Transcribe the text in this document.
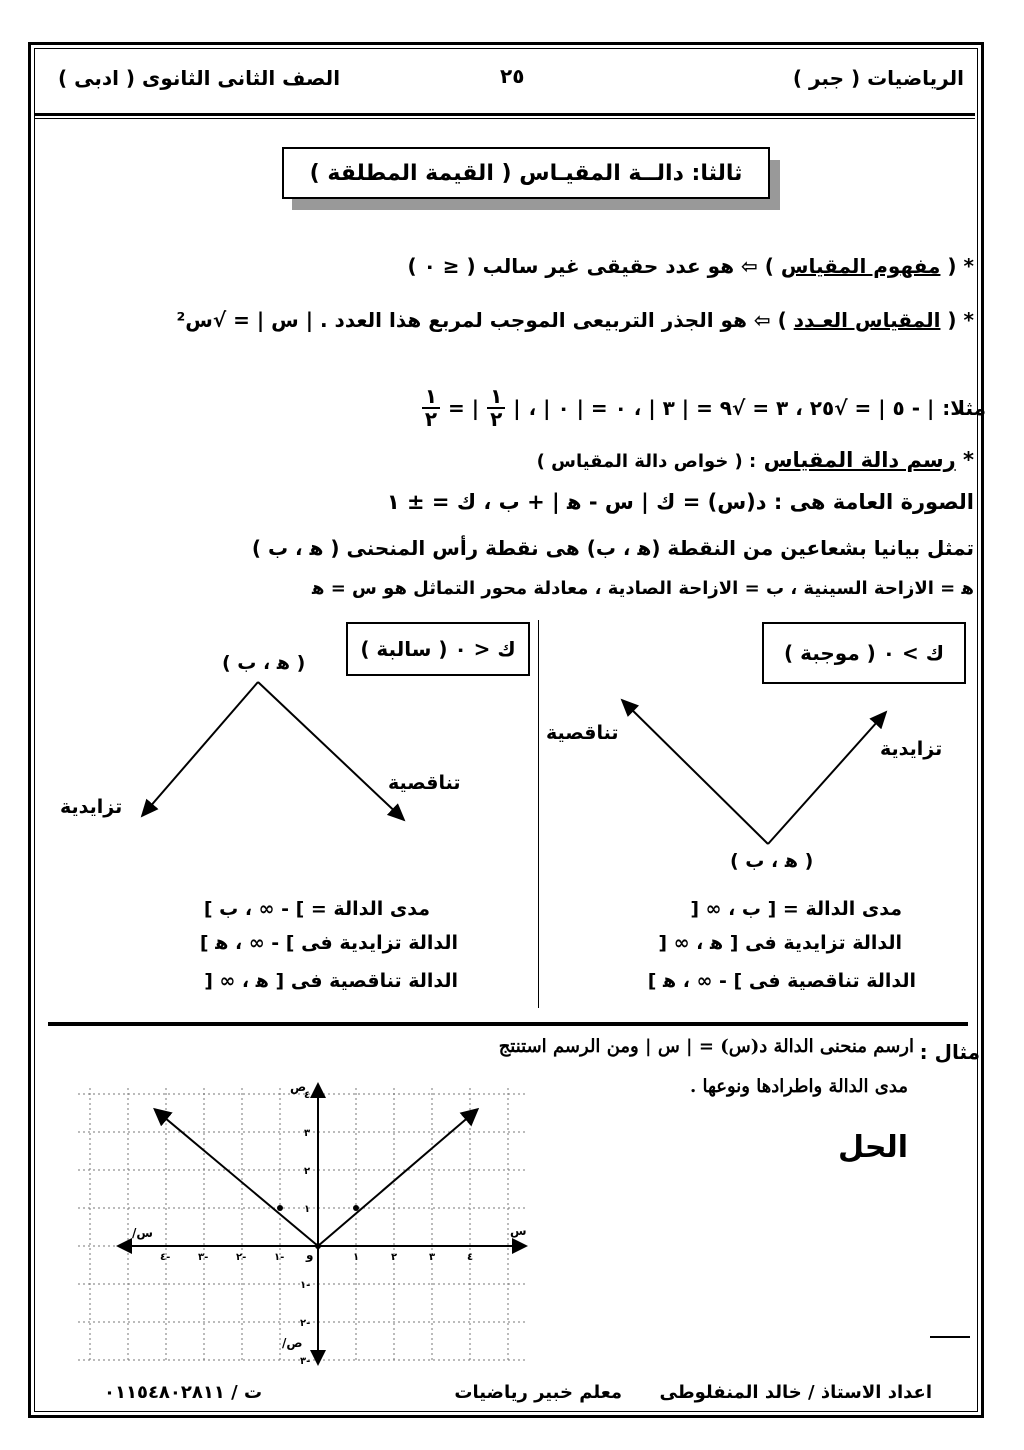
الرياضيات ( جبر )
٢٥
الصف الثانى الثانوى ( ادبى )
ثالثا: دالــة المقيـاس ( القيمة المطلقة )
* ( مفهوم المقياس ) ⇦ هو عدد حقيقى غير سالب ( ≤ ٠ )
* ( المقياس العـدد ) ⇦ هو الجذر التربيعى الموجب لمربع هذا العدد . | س | = √س²
مثلا:
| - ٥ | = √٢٥ ، ٣ = √٩ = | ٣ | ، ٠ = | ٠ | ،
|
$\frac{١}{٢}$
| =
$\frac{١}{٢}$
* رسم دالة المقياس : ( خواص دالة المقياس )
الصورة العامة هى : د(س) = ك | س - ﻫ | + ب ، ك = ± ١
تمثل بيانيا بشعاعين من النقطة (ﻫ ، ب) هى نقطة رأس المنحنى ( ﻫ ، ب )
ﻫ = الازاحة السينية ، ب = الازاحة الصادية ، معادلة محور التماثل هو س = ﻫ
ك > ٠ ( موجبة )
تناقصية
تزايدية
( ﻫ ، ب )
مدى الدالة = [ ب ، ∞ [
الدالة تزايدية فى [ ﻫ ، ∞ [
الدالة تناقصية فى ] - ∞ ، ﻫ ]
ك < ٠ ( سالبة )
( ﻫ ، ب )
تزايدية
تناقصية
مدى الدالة = ] - ∞ ، ب ]
الدالة تزايدية فى ] - ∞ ، ﻫ ]
الدالة تناقصية فى [ ﻫ ، ∞ [
مثال :
ارسم منحنى الدالة د(س) = | س | ومن الرسم استنتج
مدى الدالة واطرادها ونوعها .
الحل
١	٢	٣	٤
١-
٢-
٣-
٤-
١
٢
٣
٤
١-
٢-
٣-
ص
ص/
س
س/
و
اعداد الاستاذ / خالد المنفلوطى
معلم خبير رياضيات
ت / ٠١١٥٤٨٠٢٨١١
